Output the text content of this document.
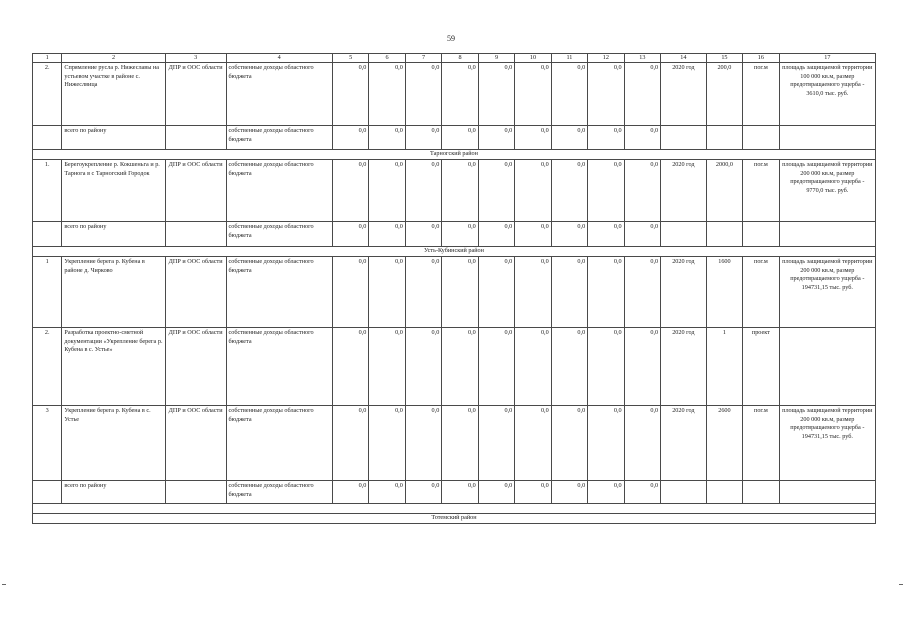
59
1	2	3	4	5	6	7	8	9	10	11	12	13	14	15	16	17
2.	Спрямление русла р. Нижеславы на устьевом участке в районе с. Нижеслвица	ДПР и ООС области	собственные доходы областного бюджета	0,0	0,0	0,0	0,0	0,0	0,0	0,0	0,0	0,0	2020 год	200,0	пог.м	площадь защищаемой территории 100 000 кв.м, размер предотвращаемого ущерба - 3610,0 тыс. руб.
	всего по району		собственные доходы областного бюджета	0,0	0,0	0,0	0,0	0,0	0,0	0,0	0,0	0,0				
Тарногский район																
1.	Берегоукрепление р. Кокшеньга и р. Тарнога в с Тарногский Городок	ДПР и ООС области	собственные доходы областного бюджета	0,0	0,0	0,0	0,0	0,0	0,0	0,0	0,0	0,0	2020 год	2000,0	пог.м	площадь защищаемой территории 200 000 кв.м, размер предотвращаемого ущерба - 9770,0 тыс. руб.
	всего по району		собственные доходы областного бюджета	0,0	0,0	0,0	0,0	0,0	0,0	0,0	0,0	0,0				
Усть-Кубинский район																
1	Укрепление берега р. Кубена в районе д. Чирково	ДПР и ООС области	собственные доходы областного бюджета	0,0	0,0	0,0	0,0	0,0	0,0	0,0	0,0	0,0	2020 год	1600	пог.м	площадь защищаемой территории 200 000 кв.м, размер предотвращаемого ущерба - 194731,15 тыс. руб.
2.	Разработка проектно-сметной документации «Укрепление берега р. Кубена в с. Устье»	ДПР и ООС области	собственные доходы областного бюджета	0,0	0,0	0,0	0,0	0,0	0,0	0,0	0,0	0,0	2020 год	1	проект	
3	Укрепление берега р. Кубена в с. Устье	ДПР и ООС области	собственные доходы областного бюджета	0,0	0,0	0,0	0,0	0,0	0,0	0,0	0,0	0,0	2020 год	2600	пог.м	площадь защищаемой территории 200 000 кв.м, размер предотвращаемого ущерба - 194731,15 тыс. руб.
	всего по району		собственные доходы областного бюджета	0,0	0,0	0,0	0,0	0,0	0,0	0,0	0,0	0,0				

Тотемский район																
